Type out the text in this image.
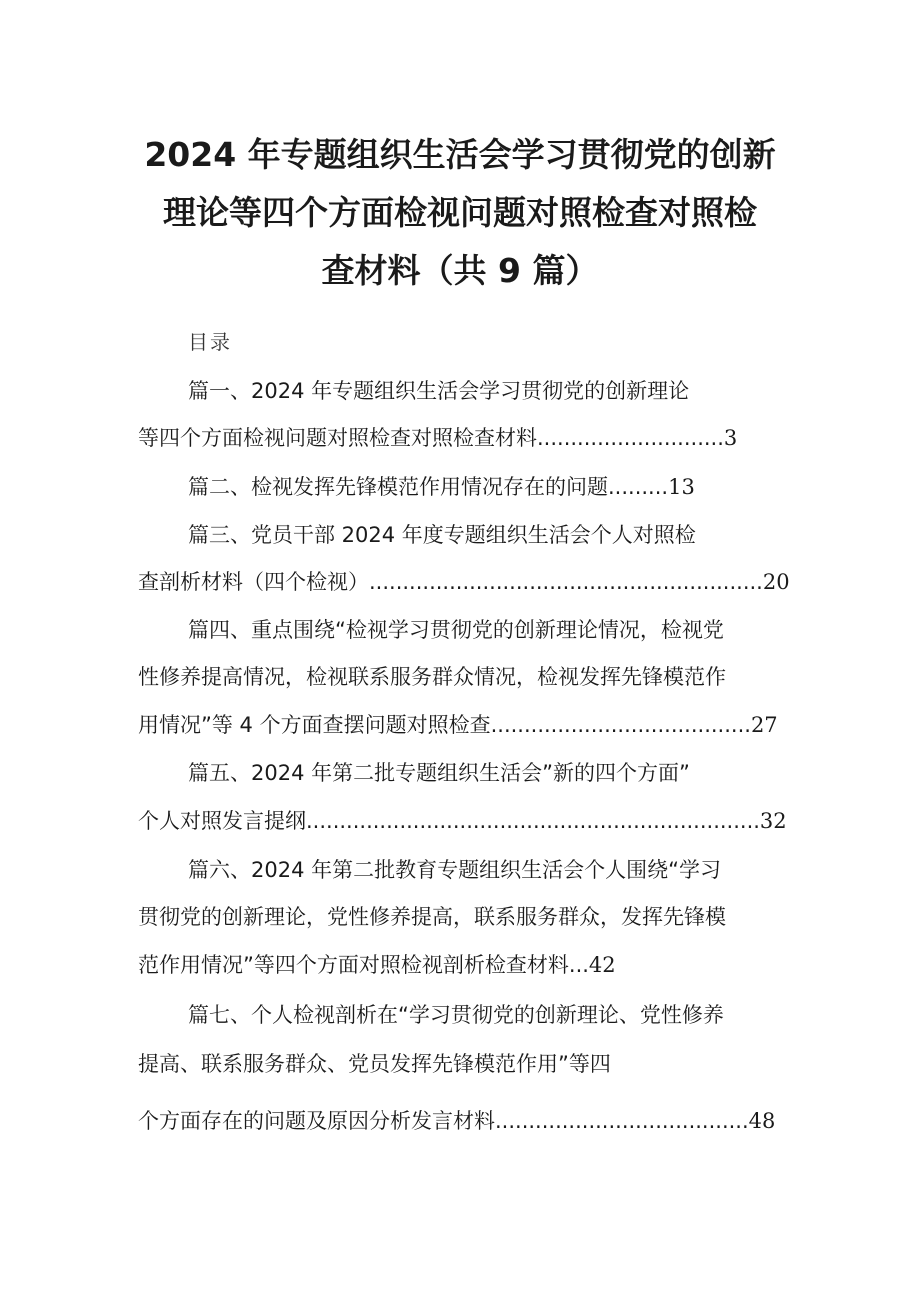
2024 年专题组织生活会学习贯彻党的创新
理论等四个方面检视问题对照检查对照检
查材料（共 9 篇）
目录
篇一、2024 年专题组织生活会学习贯彻党的创新理论
等四个方面检视问题对照检查对照检查材料............................3
篇二、检视发挥先锋模范作用情况存在的问题.........13
篇三、党员干部 2024 年度专题组织生活会个人对照检
查剖析材料（四个检视）...........................................................20
篇四、重点围绕“检视学习贯彻党的创新理论情况，检视党
性修养提高情况，检视联系服务群众情况，检视发挥先锋模范作
用情况”等 4 个方面查摆问题对照检查.......................................27
篇五、2024 年第二批专题组织生活会”新的四个方面”
个人对照发言提纲....................................................................32
篇六、2024 年第二批教育专题组织生活会个人围绕“学习
贯彻党的创新理论，党性修养提高，联系服务群众，发挥先锋模
范作用情况”等四个方面对照检视剖析检查材料...42
篇七、个人检视剖析在“学习贯彻党的创新理论、党性修养
提高、联系服务群众、党员发挥先锋模范作用”等四
个方面存在的问题及原因分析发言材料......................................48
